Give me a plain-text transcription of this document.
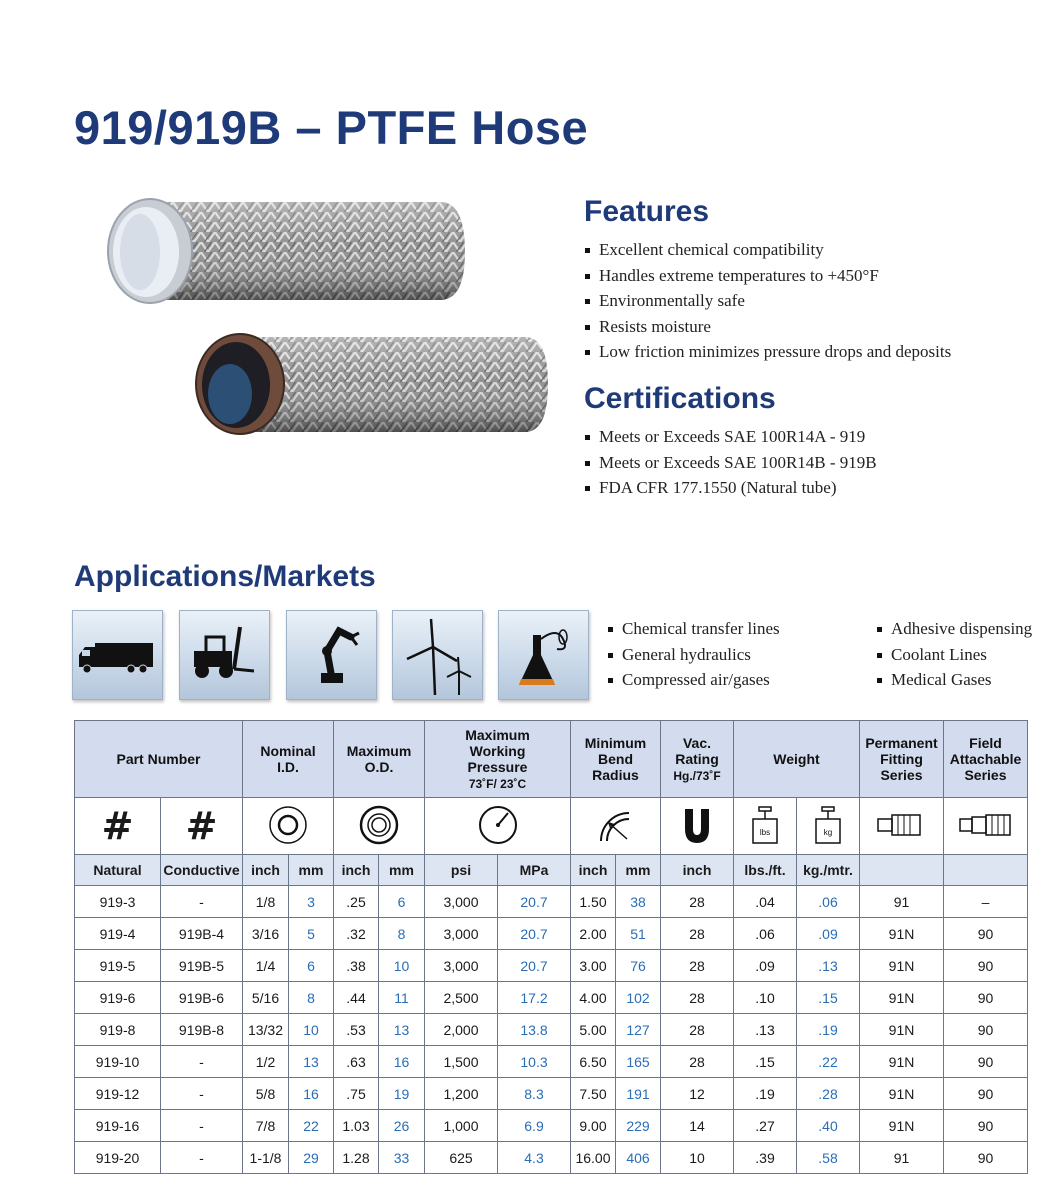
919/919B – PTFE Hose
Features
Excellent chemical compatibility
Handles extreme temperatures to +450°F
Environmentally safe
Resists moisture
Low friction minimizes pressure drops and deposits
Certifications
Meets or Exceeds SAE 100R14A - 919
Meets or Exceeds SAE 100R14B - 919B
FDA CFR 177.1550 (Natural tube)
Applications/Markets
Chemical transfer lines
General hydraulics
Compressed air/gases
Adhesive dispensing
Coolant Lines
Medical Gases
Part Number		Nominal I.D.		Maximum O.D.		Maximum Working Pressure
73˚F/ 23˚C		Minimum Bend Radius		Vac. Rating
Hg./73˚F	Weight		Permanent Fitting Series	Field Attachable Series
#	#										lbs	kg

Natural	Conductive	inch	mm	inch	mm	psi	MPa	inch	mm	inch	lbs./ft.	kg./mtr.		
919-3	-	1/8	3	.25	6	3,000	20.7	1.50	38	28	.04	.06	91	–
919-4	919B-4	3/16	5	.32	8	3,000	20.7	2.00	51	28	.06	.09	91N	90
919-5	919B-5	1/4	6	.38	10	3,000	20.7	3.00	76	28	.09	.13	91N	90
919-6	919B-6	5/16	8	.44	11	2,500	17.2	4.00	102	28	.10	.15	91N	90
919-8	919B-8	13/32	10	.53	13	2,000	13.8	5.00	127	28	.13	.19	91N	90
919-10	-	1/2	13	.63	16	1,500	10.3	6.50	165	28	.15	.22	91N	90
919-12	-	5/8	16	.75	19	1,200	8.3	7.50	191	12	.19	.28	91N	90
919-16	-	7/8	22	1.03	26	1,000	6.9	9.00	229	14	.27	.40	91N	90
919-20	-	1-1/8	29	1.28	33	625	4.3	16.00	406	10	.39	.58	91	90
